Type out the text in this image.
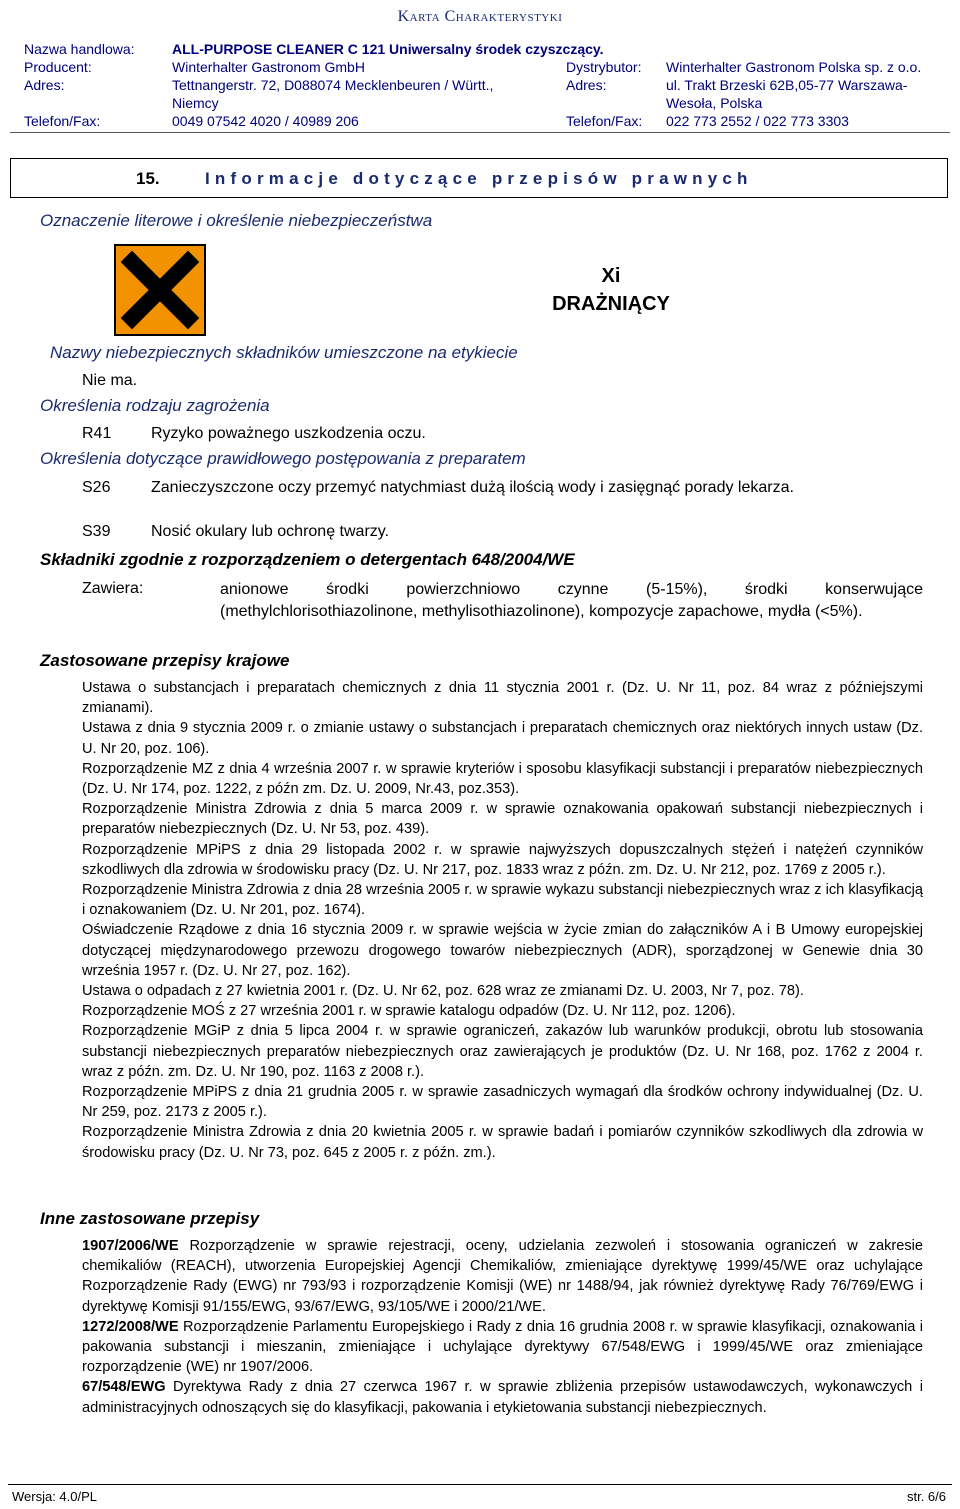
Karta Charakterystyki
Nazwa handlowa:	ALL-PURPOSE CLEANER C 121 Uniwersalny środek czyszczący.
Producent:	Winterhalter Gastronom GmbH
Adres:	Tettnangerstr. 72, D088074 Mecklenbeuren / Württ.,
Niemcy
Telefon/Fax:	0049 07542 4020 / 40989 206
Dystrybutor: Winterhalter Gastronom Polska sp. z o.o.
Adres:	ul. Trakt Brzeski 62B,05-77 Warszawa-
Wesoła, Polska
Telefon/Fax: 022 773 2552 / 022 773 3303
15.	Informacje dotyczące przepisów prawnych
Oznaczenie literowe i określenie niebezpieczeństwa
Xi
DRAŻNIĄCY
Nazwy niebezpiecznych składników umieszczone na etykiecie
Nie ma.
Określenia rodzaju zagrożenia
R41 Ryzyko poważnego uszkodzenia oczu.
Określenia dotyczące prawidłowego postępowania z preparatem
S26	Zanieczyszczone oczy przemyć natychmiast dużą ilością wody i zasięgnąć porady lekarza.
S39	Nosić okulary lub ochronę twarzy.
Składniki zgodnie z rozporządzeniem o detergentach 648/2004/WE
Zawiera:	anionowe środki powierzchniowo czynne (5-15%), środki konserwujące (methylchlorisothiazolinone, methylisothiazolinone), kompozycje zapachowe, mydła (<5%).
Zastosowane przepisy krajowe

Ustawa o substancjach i preparatach chemicznych z dnia 11 stycznia 2001 r. (Dz. U. Nr 11, poz. 84 wraz z późniejszymi zmianami).

Ustawa z dnia 9 stycznia 2009 r. o zmianie ustawy o substancjach i preparatach chemicznych oraz niektórych innych ustaw (Dz. U. Nr 20, poz. 106).

Rozporządzenie MZ z dnia 4 września 2007 r. w sprawie kryteriów i sposobu klasyfikacji substancji i preparatów niebezpiecznych (Dz. U. Nr 174, poz. 1222, z późn zm. Dz. U. 2009, Nr.43, poz.353).

Rozporządzenie Ministra Zdrowia z dnia 5 marca 2009 r. w sprawie oznakowania opakowań substancji niebezpiecznych i preparatów niebezpiecznych (Dz. U. Nr 53, poz. 439).

Rozporządzenie MPiPS z dnia 29 listopada 2002 r. w sprawie najwyższych dopuszczalnych stężeń i natężeń czynników szkodliwych dla zdrowia w środowisku pracy (Dz. U. Nr 217, poz. 1833 wraz z późn. zm. Dz. U. Nr 212, poz. 1769 z 2005 r.).

Rozporządzenie Ministra Zdrowia z dnia 28 września 2005 r. w sprawie wykazu substancji niebezpiecznych wraz z ich klasyfikacją i oznakowaniem (Dz. U. Nr 201, poz. 1674).

Oświadczenie Rządowe z dnia 16 stycznia 2009 r. w sprawie wejścia w życie zmian do załączników A i B Umowy europejskiej dotyczącej międzynarodowego przewozu drogowego towarów niebezpiecznych (ADR), sporządzonej w Genewie dnia 30 września 1957 r. (Dz. U. Nr 27, poz. 162).

Ustawa o odpadach z 27 kwietnia 2001 r. (Dz. U. Nr 62, poz. 628 wraz ze zmianami Dz. U. 2003, Nr 7, poz. 78).

Rozporządzenie MOŚ z 27 września 2001 r. w sprawie katalogu odpadów (Dz. U. Nr 112, poz. 1206).

Rozporządzenie MGiP z dnia 5 lipca 2004 r. w sprawie ograniczeń, zakazów lub warunków produkcji, obrotu lub stosowania substancji niebezpiecznych preparatów niebezpiecznych oraz zawierających je produktów (Dz. U. Nr 168, poz. 1762 z 2004 r. wraz z późn. zm. Dz. U. Nr 190, poz. 1163 z 2008 r.).

Rozporządzenie MPiPS z dnia 21 grudnia 2005 r. w sprawie zasadniczych wymagań dla środków ochrony indywidualnej (Dz. U. Nr 259, poz. 2173 z 2005 r.).

Rozporządzenie Ministra Zdrowia z dnia 20 kwietnia 2005 r. w sprawie badań i pomiarów czynników szkodliwych dla zdrowia w środowisku pracy (Dz. U. Nr 73, poz. 645 z 2005 r. z późn. zm.).

Inne zastosowane przepisy

1907/2006/WE Rozporządzenie w sprawie rejestracji, oceny, udzielania zezwoleń i stosowania ograniczeń w zakresie chemikaliów (REACH), utworzenia Europejskiej Agencji Chemikaliów, zmieniające dyrektywę 1999/45/WE oraz uchylające Rozporządzenie Rady (EWG) nr 793/93 i rozporządzenie Komisji (WE) nr 1488/94, jak również dyrektywę Rady 76/769/EWG i dyrektywę Komisji 91/155/EWG, 93/67/EWG, 93/105/WE i 2000/21/WE.

1272/2008/WE Rozporządzenie Parlamentu Europejskiego i Rady z dnia 16 grudnia 2008 r. w sprawie klasyfikacji, oznakowania i pakowania substancji i mieszanin, zmieniające i uchylające dyrektywy 67/548/EWG i 1999/45/WE oraz zmieniające rozporządzenie (WE) nr 1907/2006.

67/548/EWG Dyrektywa Rady z dnia 27 czerwca 1967 r. w sprawie zbliżenia przepisów ustawodawczych, wykonawczych i administracyjnych odnoszących się do klasyfikacji, pakowania i etykietowania substancji niebezpiecznych.

Wersja: 4.0/PL	str. 6/6
